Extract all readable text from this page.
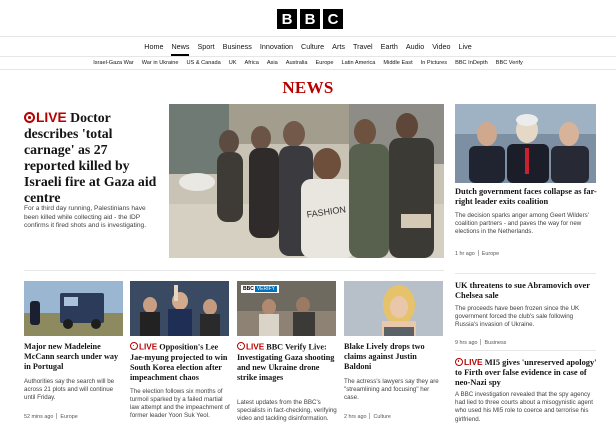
B B C
Home	News	Sport	Business	Innovation	Culture	Arts	Travel	Earth	Audio	Video	Live
Israel-Gaza War	War in Ukraine	US & Canada	UK	Africa	Asia	Australia	Europe	Latin America	Middle East	In Pictures	BBC InDepth	BBC Verify
NEWS
LIVE Doctor describes 'total carnage' as 27 reported killed by Israeli fire at Gaza aid centre
For a third day running, Palestinians have been killed while collecting aid - the IDP confirms it fired shots and is investigating.
FASHION
Dutch government faces collapse as far-right leader exits coalition
The decision sparks anger among Geert Wilders' coalition partners - and paves the way for new elections in the Netherlands.
1 hr ago Europe
UK threatens to sue Abramovich over Chelsea sale
The proceeds have been frozen since the UK government forced the club's sale following Russia's invasion of Ukraine.
9 hrs ago Business
LIVE MI5 gives 'unreserved apology' to Firth over false evidence in case of neo-Nazi spy
A BBC investigation revealed that the spy agency had lied to three courts about a misogynistic agent who used his MI5 role to coerce and terrorise his girlfriend.
Major new Madeleine McCann search under way in Portugal
Authorities say the search will be across 21 plots and will continue until Friday.
52 mins ago Europe
LIVE Opposition's Lee Jae-myung projected to win South Korea election after impeachment chaos
The election follows six months of turmoil sparked by a failed martial law attempt and the impeachment of former leader Yoon Suk Yeol.
BBC VERIFY
LIVE BBC Verify Live: Investigating Gaza shooting and new Ukraine drone strike images
Latest updates from the BBC's specialists in fact-checking, verifying video and tackling disinformation.
Blake Lively drops two claims against Justin Baldoni
The actress's lawyers say they are "streamlining and focusing" her case.
2 hrs ago Culture
